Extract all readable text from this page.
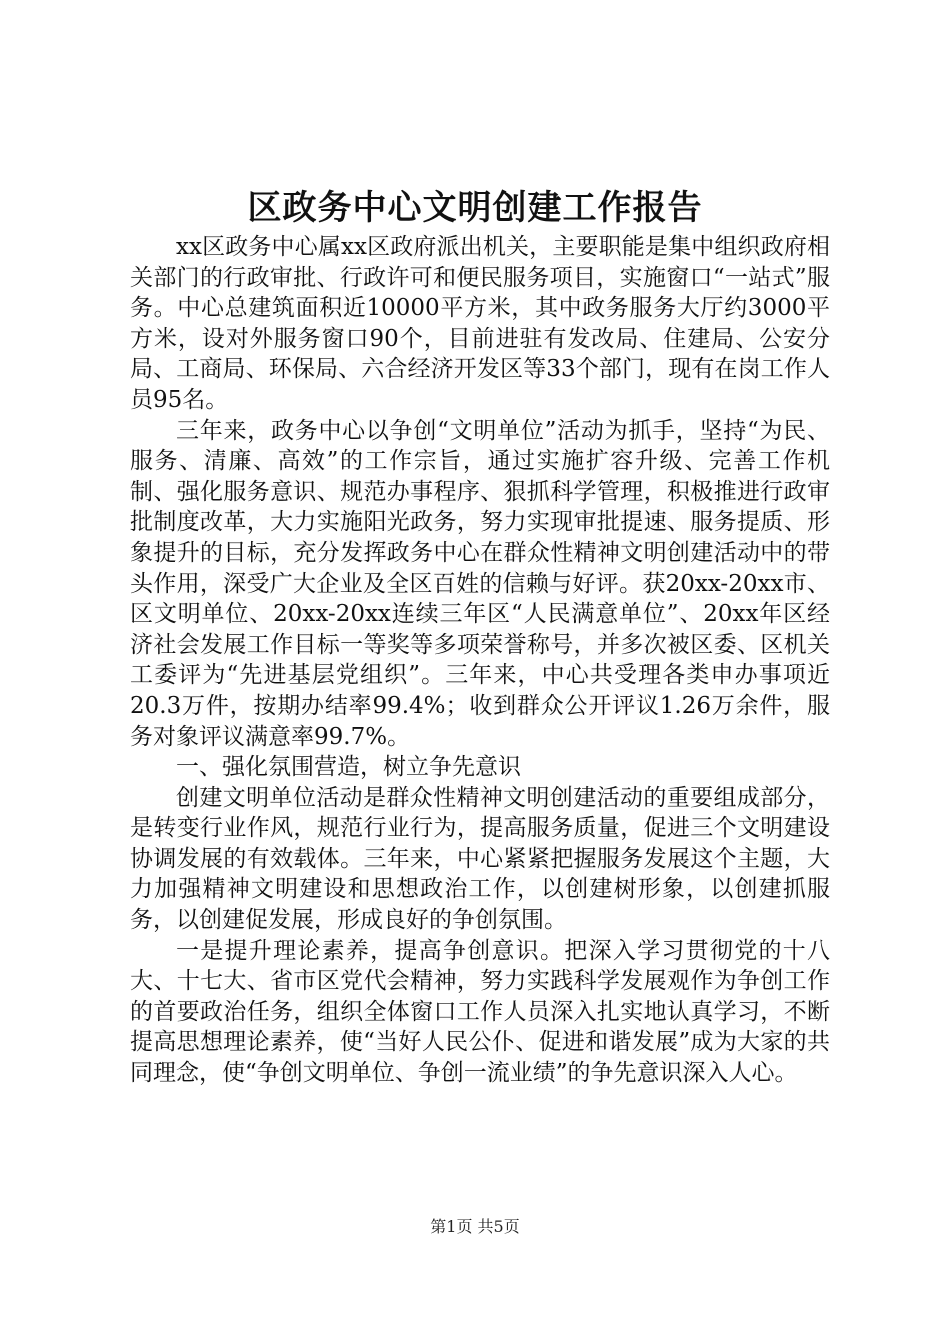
区政务中心文明创建工作报告

xx区政务中心属xx区政府派出机关，主要职能是集中组织政府相关部门的行政审批、行政许可和便民服务项目，实施窗口“一站式”服务。中心总建筑面积近10000平方米，其中政务服务大厅约3000平方米，设对外服务窗口90个，目前进驻有发改局、住建局、公安分局、工商局、环保局、六合经济开发区等33个部门，现有在岗工作人员95名。

三年来，政务中心以争创“文明单位”活动为抓手，坚持“为民、服务、清廉、高效”的工作宗旨，通过实施扩容升级、完善工作机制、强化服务意识、规范办事程序、狠抓科学管理，积极推进行政审批制度改革，大力实施阳光政务，努力实现审批提速、服务提质、形象提升的目标，充分发挥政务中心在群众性精神文明创建活动中的带头作用，深受广大企业及全区百姓的信赖与好评。获20xx-20xx市、区文明单位、20xx-20xx连续三年区“人民满意单位”、20xx年区经济社会发展工作目标一等奖等多项荣誉称号，并多次被区委、区机关工委评为“先进基层党组织”。三年来，中心共受理各类申办事项近20.3万件，按期办结率99.4%；收到群众公开评议1.26万余件，服务对象评议满意率99.7%。

一、强化氛围营造，树立争先意识

创建文明单位活动是群众性精神文明创建活动的重要组成部分，是转变行业作风，规范行业行为，提高服务质量，促进三个文明建设协调发展的有效载体。三年来，中心紧紧把握服务发展这个主题，大力加强精神文明建设和思想政治工作，以创建树形象，以创建抓服务，以创建促发展，形成良好的争创氛围。

一是提升理论素养，提高争创意识。把深入学习贯彻党的十八大、十七大、省市区党代会精神，努力实践科学发展观作为争创工作的首要政治任务，组织全体窗口工作人员深入扎实地认真学习，不断提高思想理论素养，使“当好人民公仆、促进和谐发展”成为大家的共同理念，使“争创文明单位、争创一流业绩”的争先意识深入人心。

第1页 共5页
